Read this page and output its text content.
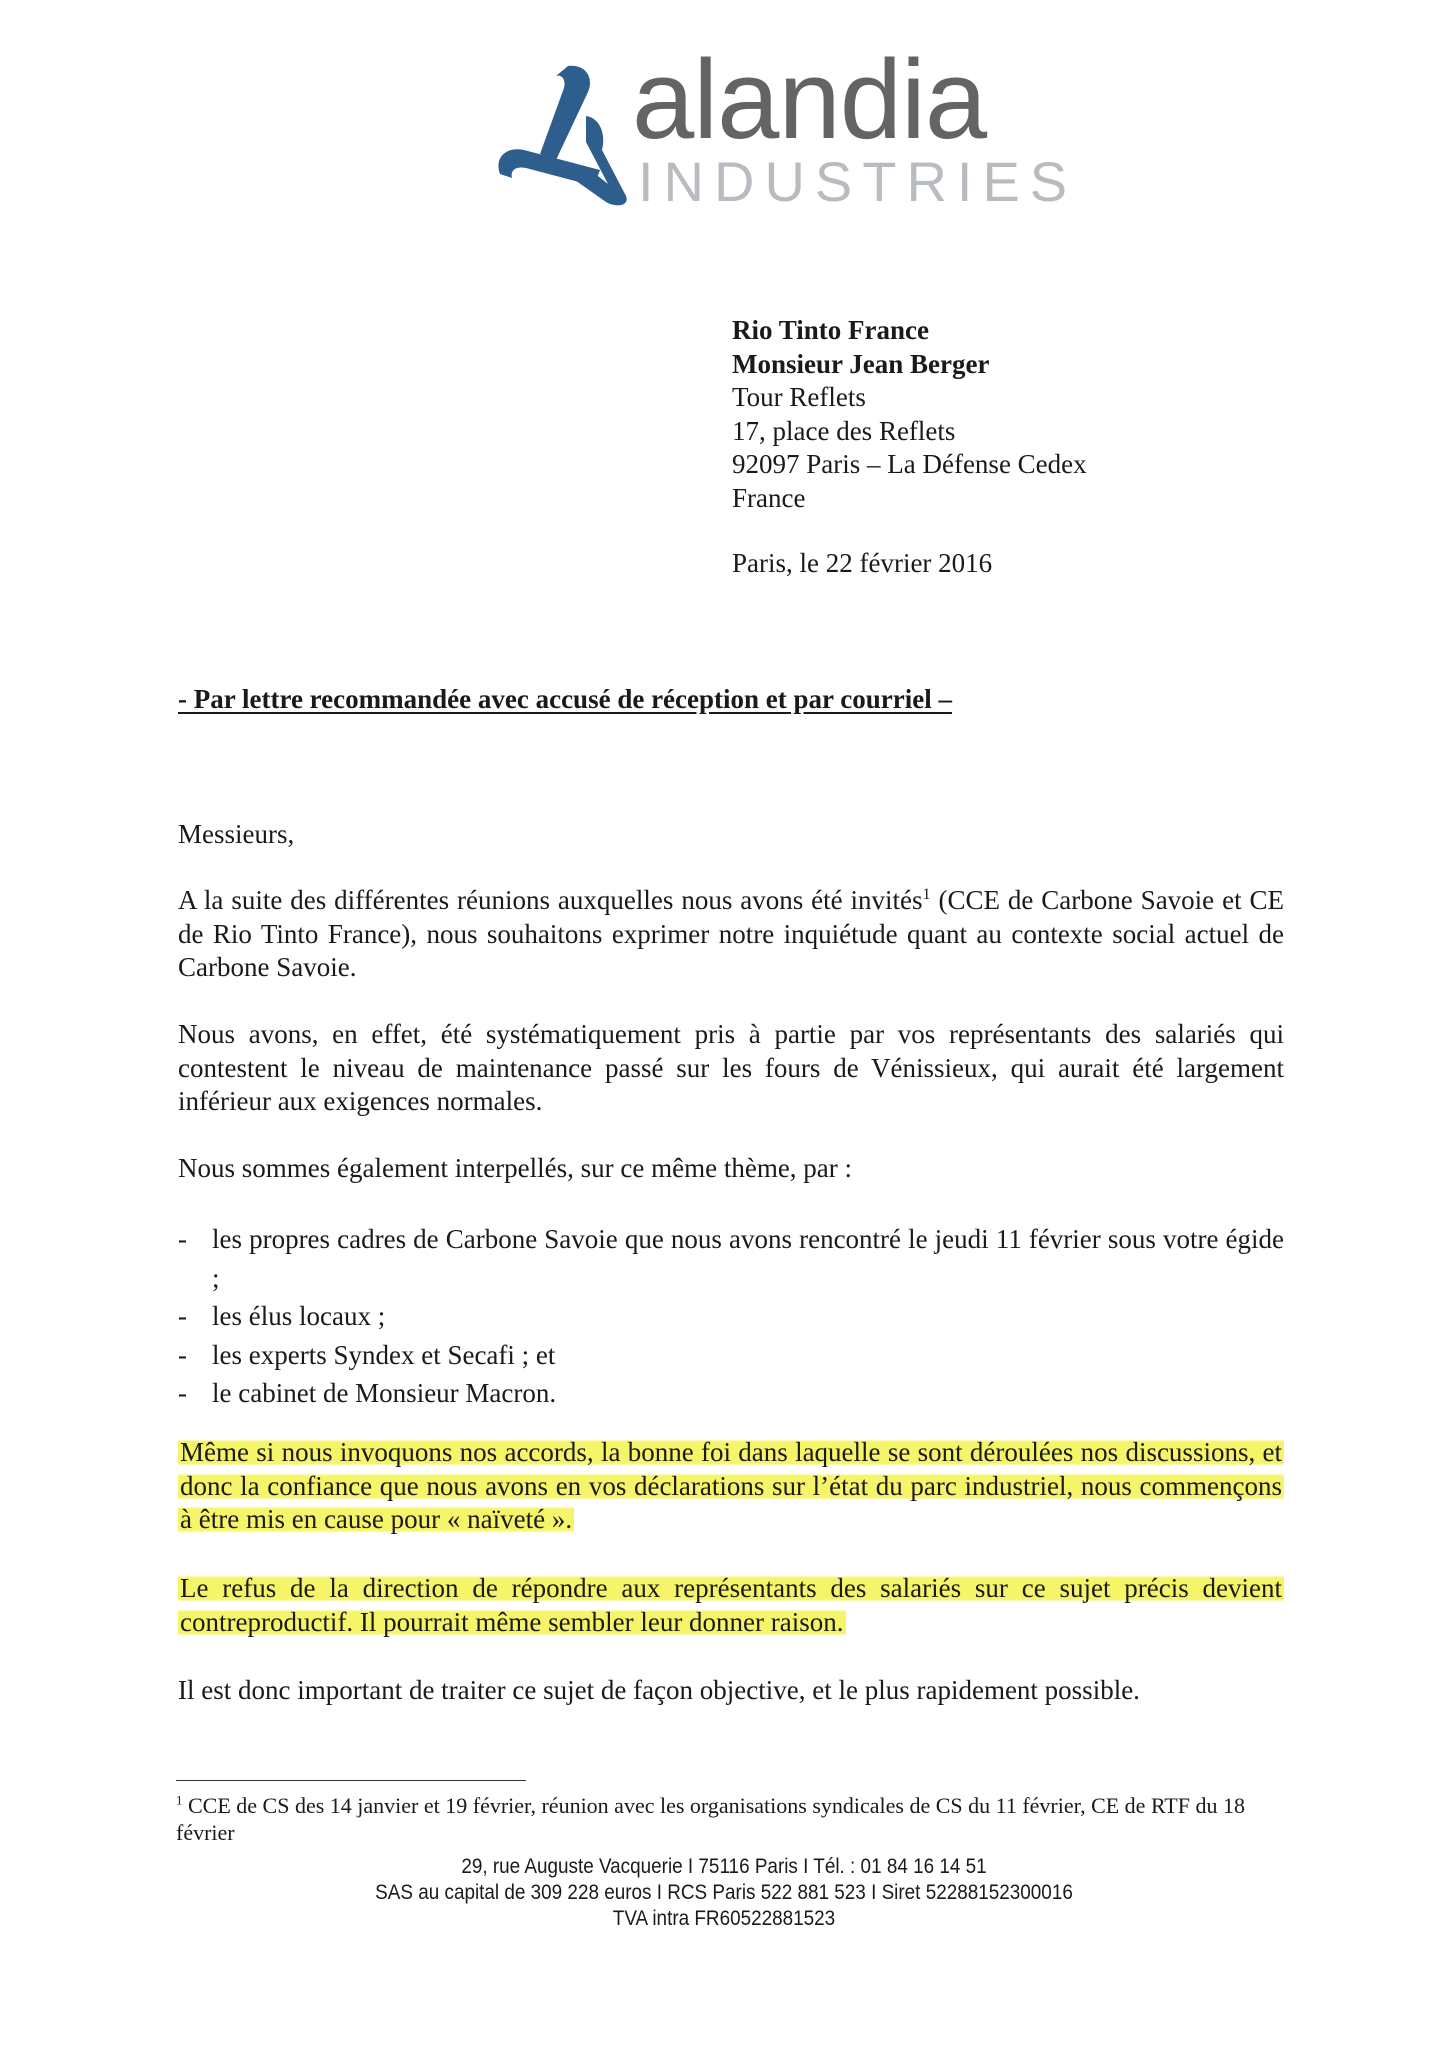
alandia
INDUSTRIES
Rio Tinto France
Monsieur Jean Berger
Tour Reflets
17, place des Reflets
92097 Paris – La Défense Cedex
France
Paris, le 22 février 2016
- Par lettre recommandée avec accusé de réception et par courriel –
Messieurs,
A la suite des différentes réunions auxquelles nous avons été invités$^1$ (CCE de Carbone Savoie et CE de Rio Tinto France), nous souhaitons exprimer notre inquiétude quant au contexte social actuel de Carbone Savoie.
Nous avons, en effet, été systématiquement pris à partie par vos représentants des salariés qui contestent le niveau de maintenance passé sur les fours de Vénissieux, qui aurait été largement inférieur aux exigences normales.
Nous sommes également interpellés, sur ce même thème, par :
- les propres cadres de Carbone Savoie que nous avons rencontré le jeudi 11 février sous votre égide ;
- les élus locaux ;
- les experts Syndex et Secafi ; et
- le cabinet de Monsieur Macron.
Même si nous invoquons nos accords, la bonne foi dans laquelle se sont déroulées nos discussions, et donc la confiance que nous avons en vos déclarations sur l’état du parc industriel, nous commençons à être mis en cause pour « naïveté ».
Le refus de la direction de répondre aux représentants des salariés sur ce sujet précis devient contreproductif. Il pourrait même sembler leur donner raison.
Il est donc important de traiter ce sujet de façon objective, et le plus rapidement possible.
$^1$ CCE de CS des 14 janvier et 19 février, réunion avec les organisations syndicales de CS du 11 février, CE de RTF du 18 février
29, rue Auguste Vacquerie I 75116 Paris I Tél. : 01 84 16 14 51
SAS au capital de 309 228 euros I RCS Paris 522 881 523 I Siret 52288152300016
TVA intra FR60522881523
